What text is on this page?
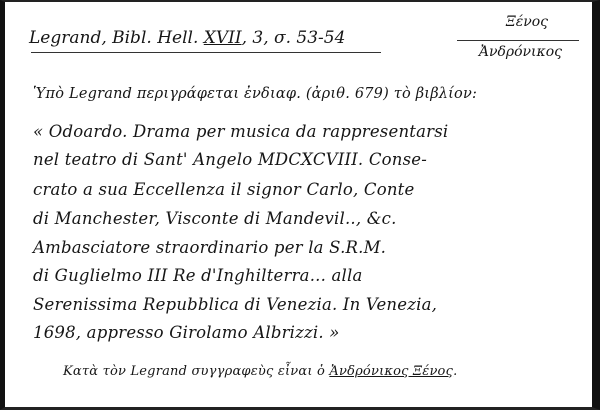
Legrand, Bibl. Hell. XVII, 3, σ. 53-54
Ξένος
Ἀνδρόνικος
Ὑπὸ Legrand περιγράφεται ἐνδιαφ. (ἀριθ. 679) τὸ βιβλίον:
« Odoardo. Drama per musica da rappresentarsi
nel teatro di Sant' Angelo MDCXCVIII. Conse-
crato a sua Eccellenza il signor Carlo, Conte
di Manchester, Visconte di Mandevil.., &c.
Ambasciatore straordinario per la S.R.M.
di Guglielmo III Re d'Inghilterra... alla
Serenissima Repubblica di Venezia. In Venezia,
1698, appresso Girolamo Albrizzi. »
Κατὰ τὸν Legrand συγγραφεὺς εἶναι ὁ Ἀνδρόνικος Ξένος.
